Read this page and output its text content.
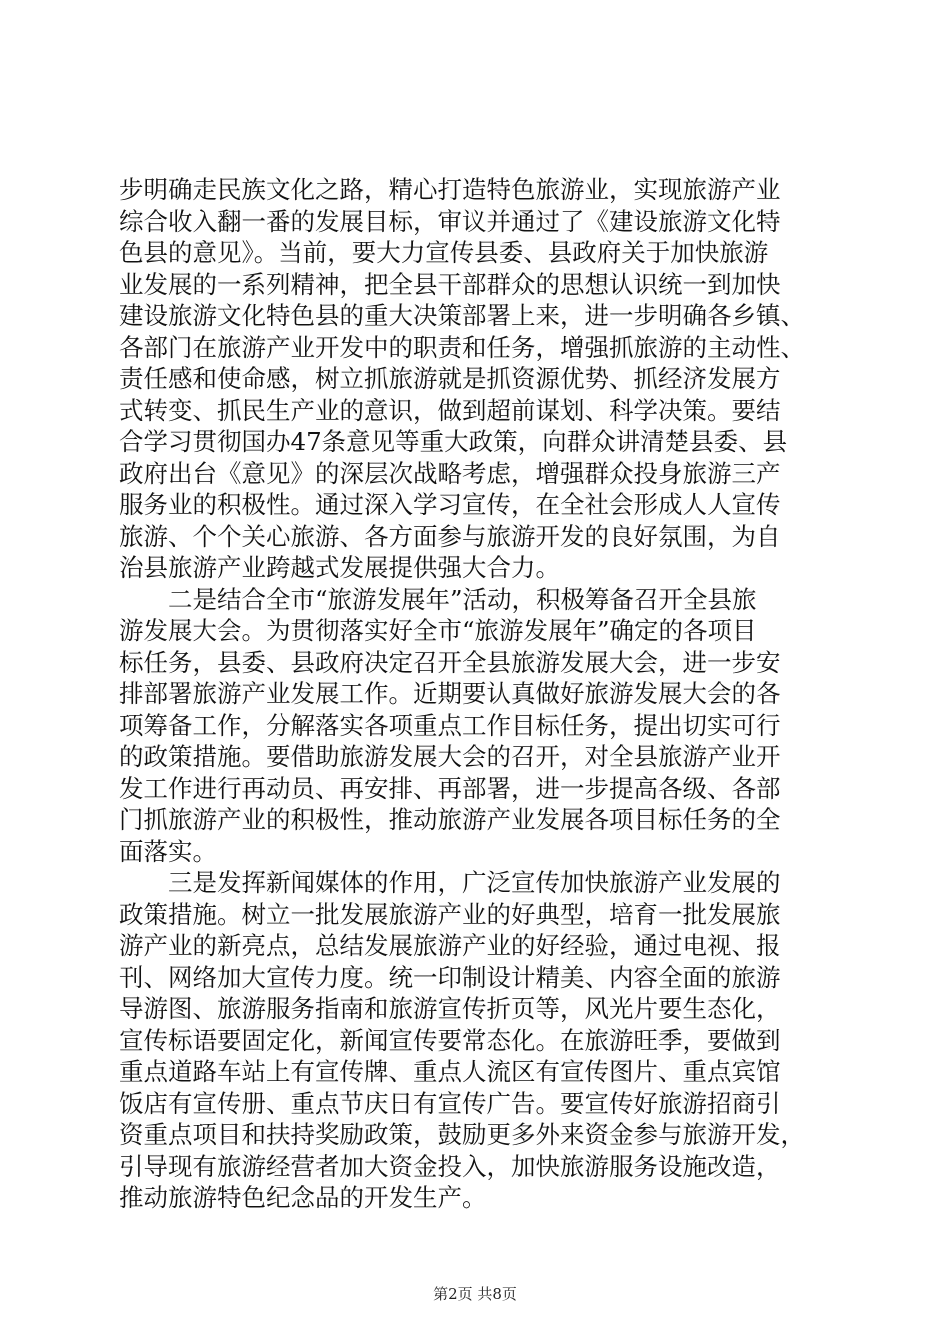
步明确走民族文化之路，精心打造特色旅游业，实现旅游产业
综合收入翻一番的发展目标，审议并通过了《建设旅游文化特
色县的意见》。当前，要大力宣传县委、县政府关于加快旅游
业发展的一系列精神，把全县干部群众的思想认识统一到加快
建设旅游文化特色县的重大决策部署上来，进一步明确各乡镇、
各部门在旅游产业开发中的职责和任务，增强抓旅游的主动性、
责任感和使命感，树立抓旅游就是抓资源优势、抓经济发展方
式转变、抓民生产业的意识，做到超前谋划、科学决策。要结
合学习贯彻国办47条意见等重大政策，向群众讲清楚县委、县
政府出台《意见》的深层次战略考虑，增强群众投身旅游三产
服务业的积极性。通过深入学习宣传，在全社会形成人人宣传
旅游、个个关心旅游、各方面参与旅游开发的良好氛围，为自
治县旅游产业跨越式发展提供强大合力。
　　二是结合全市“旅游发展年”活动，积极筹备召开全县旅
游发展大会。为贯彻落实好全市“旅游发展年”确定的各项目
标任务，县委、县政府决定召开全县旅游发展大会，进一步安
排部署旅游产业发展工作。近期要认真做好旅游发展大会的各
项筹备工作，分解落实各项重点工作目标任务，提出切实可行
的政策措施。要借助旅游发展大会的召开，对全县旅游产业开
发工作进行再动员、再安排、再部署，进一步提高各级、各部
门抓旅游产业的积极性，推动旅游产业发展各项目标任务的全
面落实。
　　三是发挥新闻媒体的作用，广泛宣传加快旅游产业发展的
政策措施。树立一批发展旅游产业的好典型，培育一批发展旅
游产业的新亮点，总结发展旅游产业的好经验，通过电视、报
刊、网络加大宣传力度。统一印制设计精美、内容全面的旅游
导游图、旅游服务指南和旅游宣传折页等，风光片要生态化，
宣传标语要固定化，新闻宣传要常态化。在旅游旺季，要做到
重点道路车站上有宣传牌、重点人流区有宣传图片、重点宾馆
饭店有宣传册、重点节庆日有宣传广告。要宣传好旅游招商引
资重点项目和扶持奖励政策，鼓励更多外来资金参与旅游开发，
引导现有旅游经营者加大资金投入，加快旅游服务设施改造，
推动旅游特色纪念品的开发生产。
第2页 共8页
